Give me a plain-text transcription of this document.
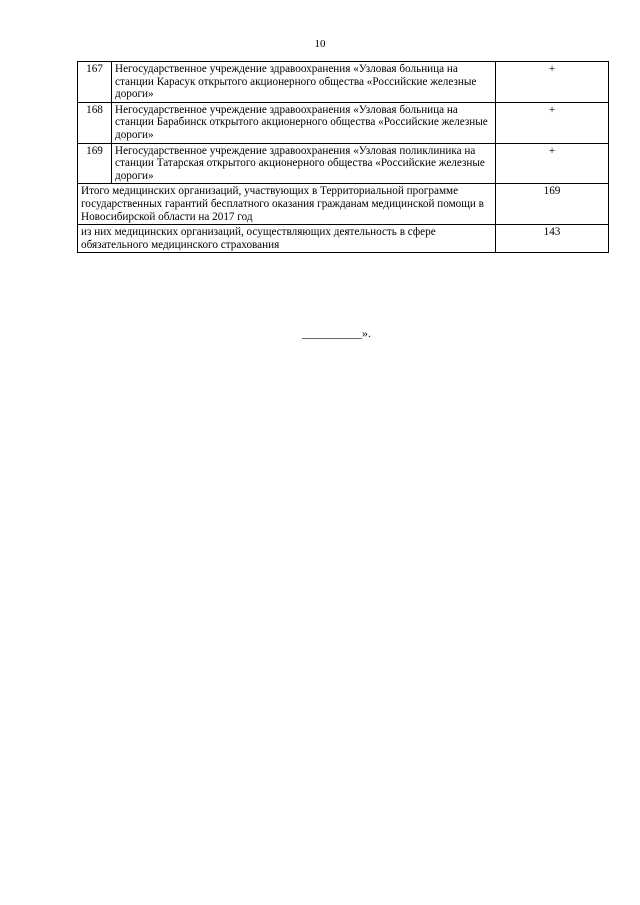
10
167	Негосударственное учреждение здравоохранения «Узловая больница на станции Карасук открытого акционерного общества «Российские железные дороги»	+
168	Негосударственное учреждение здравоохранения «Узловая больница на станции Барабинск открытого акционерного общества «Российские железные дороги»	+
169	Негосударственное учреждение здравоохранения «Узловая поликлиника на станции Татарская открытого акционерного общества «Российские железные дороги»	+
Итого медицинских организаций, участвующих в Территориальной программе государственных гарантий бесплатного оказания гражданам медицинской помощи в Новосибирской области на 2017 год		169
из них медицинских организаций, осуществляющих деятельность в сфере обязательного медицинского страхования		143
__________».
